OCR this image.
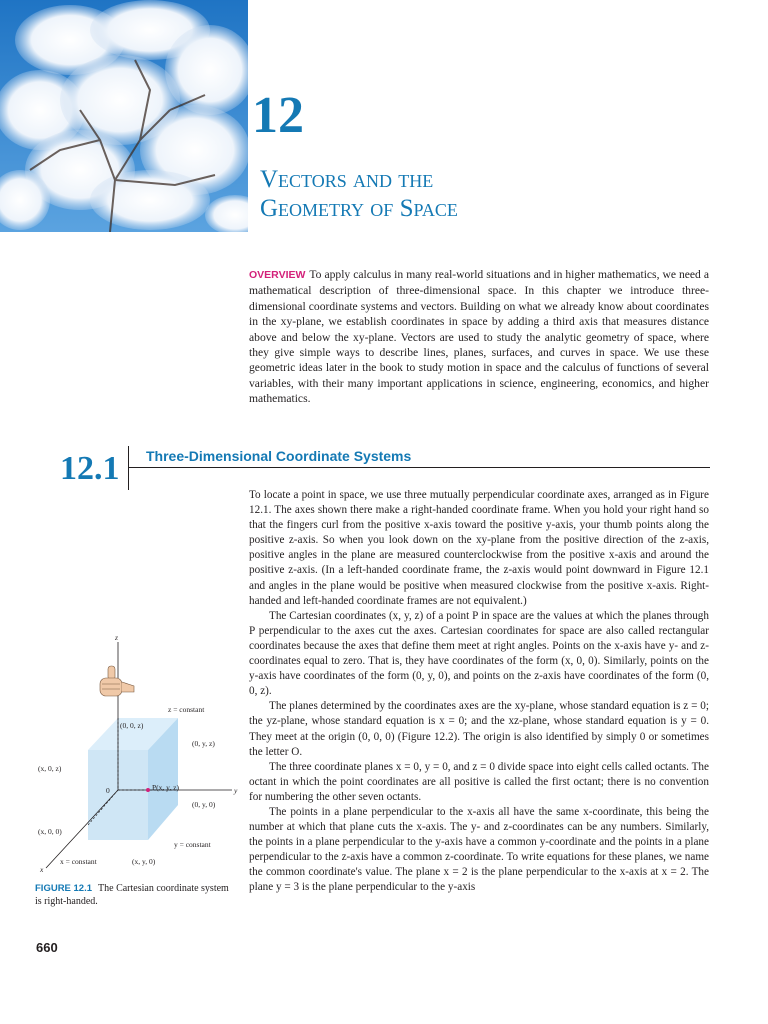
12
Vectors and the
Geometry of Space

OVERVIEW To apply calculus in many real-world situations and in higher mathematics, we need a mathematical description of three-dimensional space. In this chapter we introduce three-dimensional coordinate systems and vectors. Building on what we already know about coordinates in the xy-plane, we establish coordinates in space by adding a third axis that measures distance above and below the xy-plane. Vectors are used to study the analytic geometry of space, where they give simple ways to describe lines, planes, surfaces, and curves in space. We use these geometric ideas later in the book to study motion in space and the calculus of functions of several variables, with their many important applications in science, engineering, economics, and higher mathematics.

12.1 Three-Dimensional Coordinate Systems

To locate a point in space, we use three mutually perpendicular coordinate axes, arranged as in Figure 12.1. The axes shown there make a right-handed coordinate frame. When you hold your right hand so that the fingers curl from the positive x-axis toward the positive y-axis, your thumb points along the positive z-axis. So when you look down on the xy-plane from the positive direction of the z-axis, positive angles in the plane are measured counterclockwise from the positive x-axis and around the positive z-axis. (In a left-handed coordinate frame, the z-axis would point downward in Figure 12.1 and angles in the plane would be positive when measured clockwise from the positive x-axis. Right-handed and left-handed coordinate frames are not equivalent.)

The Cartesian coordinates (x, y, z) of a point P in space are the values at which the planes through P perpendicular to the axes cut the axes. Cartesian coordinates for space are also called rectangular coordinates because the axes that define them meet at right angles. Points on the x-axis have y- and z-coordinates equal to zero. That is, they have coordinates of the form (x, 0, 0). Similarly, points on the y-axis have coordinates of the form (0, y, 0), and points on the z-axis have coordinates of the form (0, 0, z).

The planes determined by the coordinates axes are the xy-plane, whose standard equation is z = 0; the yz-plane, whose standard equation is x = 0; and the xz-plane, whose standard equation is y = 0. They meet at the origin (0, 0, 0) (Figure 12.2). The origin is also identified by simply 0 or sometimes the letter O.

The three coordinate planes x = 0, y = 0, and z = 0 divide space into eight cells called octants. The octant in which the point coordinates are all positive is called the first octant; there is no convention for numbering the other seven octants.

The points in a plane perpendicular to the x-axis all have the same x-coordinate, this being the number at which that plane cuts the x-axis. The y- and z-coordinates can be any numbers. Similarly, the points in a plane perpendicular to the y-axis have a common y-coordinate and the points in a plane perpendicular to the z-axis have a common z-coordinate. To write equations for these planes, we name the common coordinate's value. The plane x = 2 is the plane perpendicular to the x-axis at x = 2. The plane y = 3 is the plane perpendicular to the y-axis

z
y
x
z = constant
(0, 0, z)
(0, y, z)
(x, 0, z)
P(x, y, z)
0
(0, y, 0)
(x, 0, 0)
y = constant
x = constant	(x, y, 0)
FIGURE 12.1 The Cartesian coordinate system is right-handed.
660
